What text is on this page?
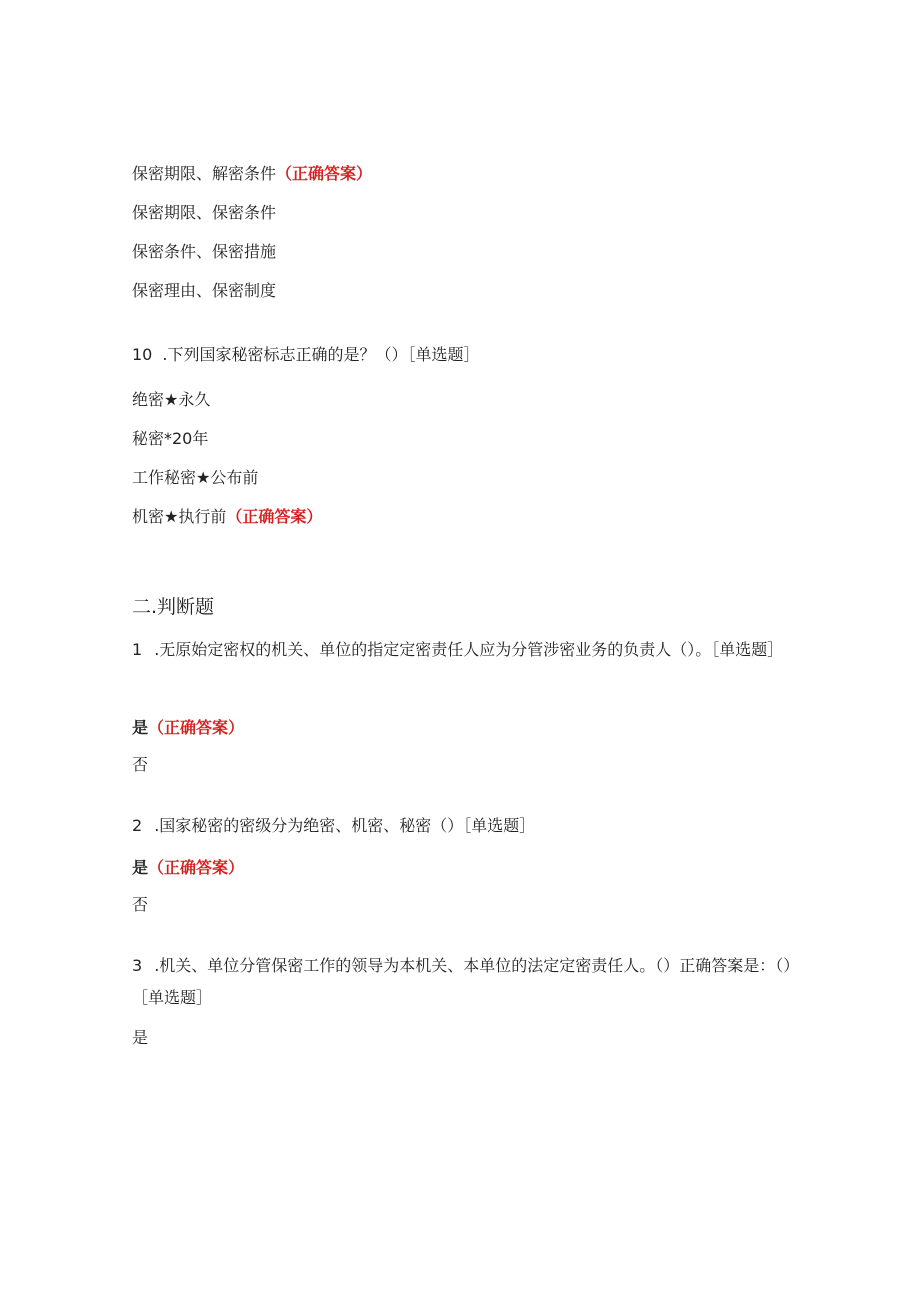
保密期限、解密条件（正确答案）
保密期限、保密条件
保密条件、保密措施
保密理由、保密制度
10 .下列国家秘密标志正确的是？（）［单选题］
绝密★永久
秘密*20年
工作秘密★公布前
机密★执行前（正确答案）
二.判断题
1 .无原始定密权的机关、单位的指定定密责任人应为分管涉密业务的负责人（）。［单选题］
是（正确答案）
否
2 .国家秘密的密级分为绝密、机密、秘密（）［单选题］
是（正确答案）
否
3 .机关、单位分管保密工作的领导为本机关、本单位的法定定密责任人。（）正确答案是：（）［单选题］
是
